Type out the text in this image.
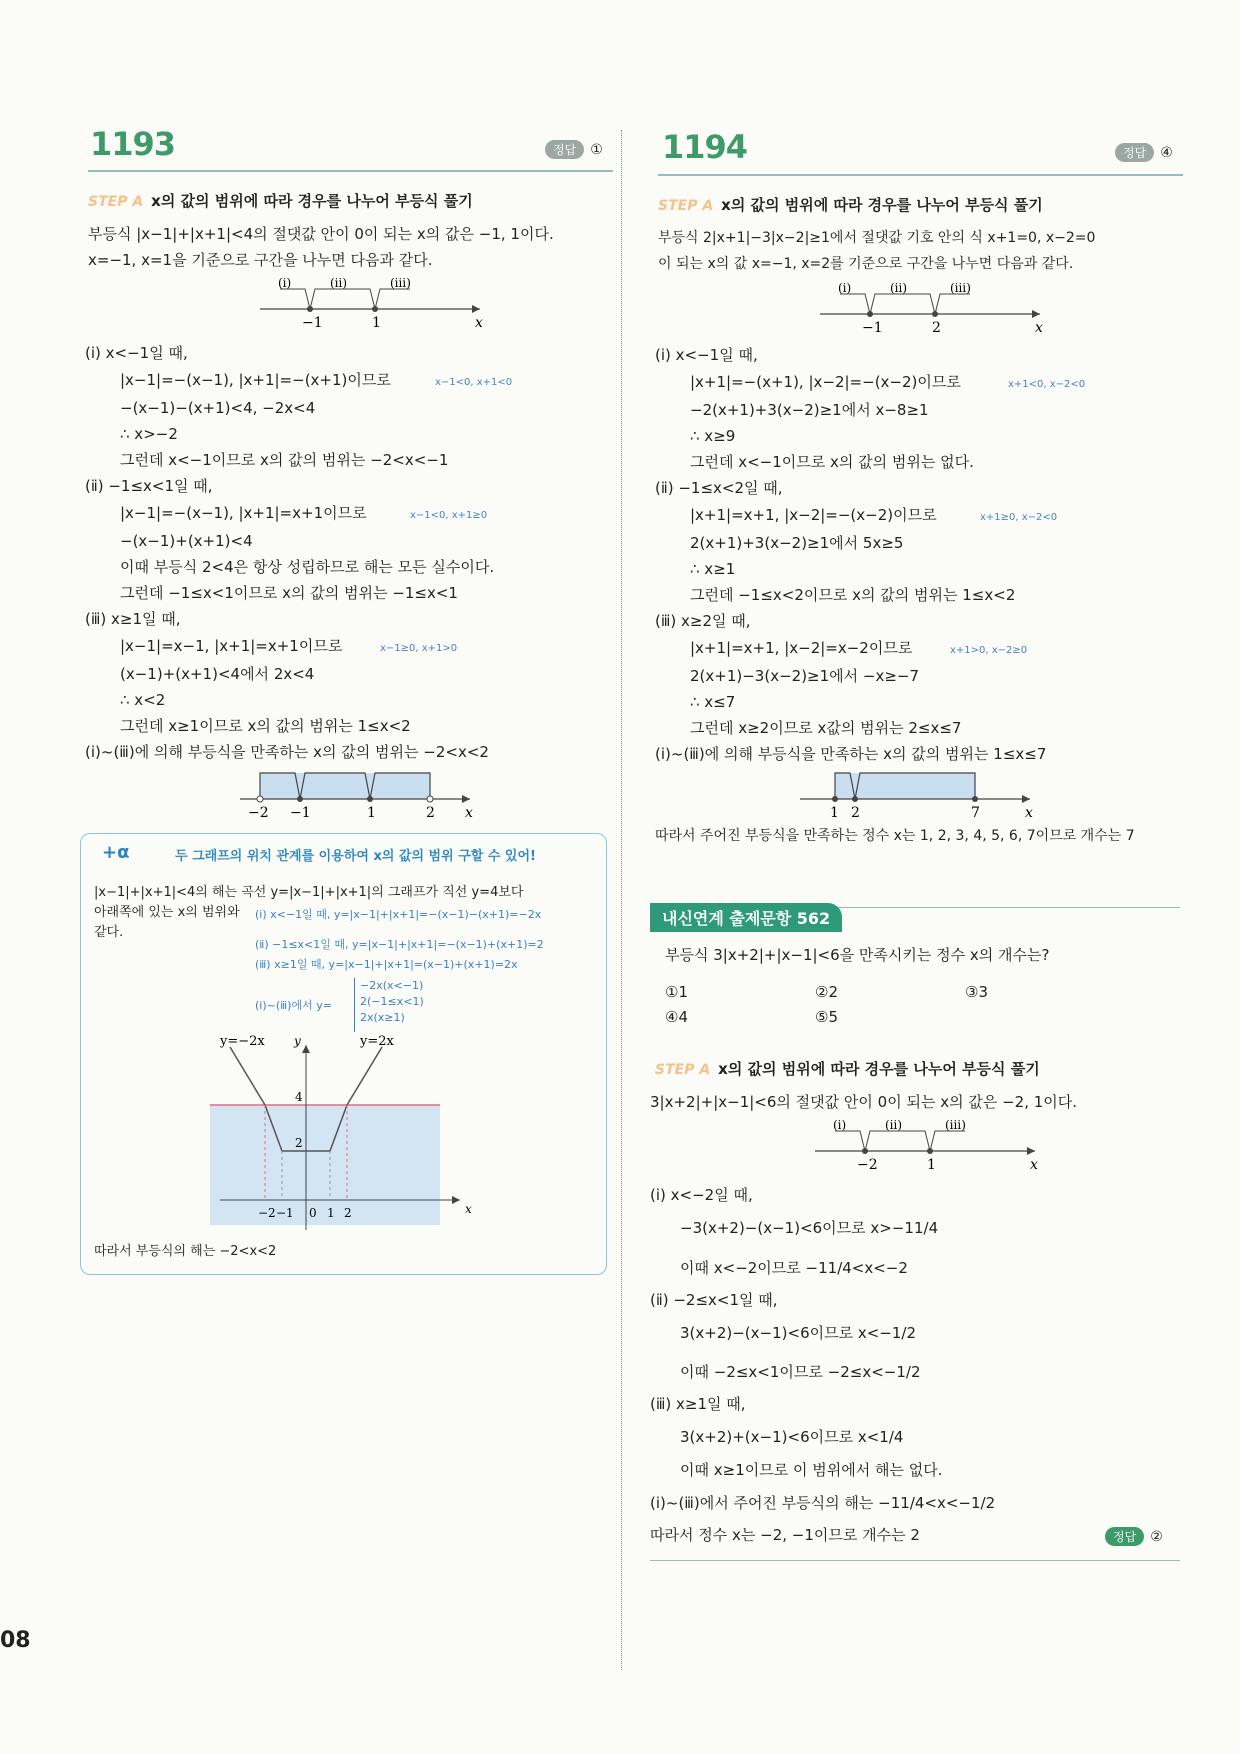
08
1193	정답	①
STEP A x의 값의 범위에 따라 경우를 나누어 부등식 풀기
부등식 |x−1|+|x+1|<4의 절댓값 안이 0이 되는 x의 값은 −1, 1이다.
x=−1, x=1을 기준으로 구간을 나누면 다음과 같다.
(ⅰ)	(ⅱ)	(ⅲ)
−1	1	x
(ⅰ) x<−1일 때,
|x−1|=−(x−1), |x+1|=−(x+1)이므로	x−1<0, x+1<0
−(x−1)−(x+1)<4, −2x<4
∴ x>−2
그런데 x<−1이므로 x의 값의 범위는 −2<x<−1
(ⅱ) −1≤x<1일 때,
|x−1|=−(x−1), |x+1|=x+1이므로	x−1<0, x+1≥0
−(x−1)+(x+1)<4
이때 부등식 2<4은 항상 성립하므로 해는 모든 실수이다.
그런데 −1≤x<1이므로 x의 값의 범위는 −1≤x<1
(ⅲ) x≥1일 때,
|x−1|=x−1, |x+1|=x+1이므로	x−1≥0, x+1>0
(x−1)+(x+1)<4에서 2x<4
∴ x<2
그런데 x≥1이므로 x의 값의 범위는 1≤x<2
(ⅰ)~(ⅲ)에 의해 부등식을 만족하는 x의 값의 범위는 −2<x<2
−2 −1	1	2 x
+α	두 그래프의 위치 관계를 이용하여 x의 값의 범위 구할 수 있어!
|x−1|+|x+1|<4의 해는 곡선 y=|x−1|+|x+1|의 그래프가 직선 y=4보다
아래쪽에 있는 x의 범위와
같다.
(ⅰ) x<−1일 때, y=|x−1|+|x+1|=−(x−1)−(x+1)=−2x
(ⅱ) −1≤x<1일 때, y=|x−1|+|x+1|=−(x−1)+(x+1)=2
(ⅲ) x≥1일 때, y=|x−1|+|x+1|=(x−1)+(x+1)=2x
(ⅰ)~(ⅲ)에서 y=
−2x(x<−1)
2(−1≤x<1)
2x(x≥1)
y=−2x	y=2x
y
x
4
2
−2 −1 0 1 2
따라서 부등식의 해는 −2<x<2
1194	정답	④
STEP A x의 값의 범위에 따라 경우를 나누어 부등식 풀기
부등식 2|x+1|−3|x−2|≥1에서 절댓값 기호 안의 식 x+1=0, x−2=0
이 되는 x의 값 x=−1, x=2를 기준으로 구간을 나누면 다음과 같다.
(ⅰ)	(ⅱ)	(ⅲ)
−1	2	x
(ⅰ) x<−1일 때,
|x+1|=−(x+1), |x−2|=−(x−2)이므로	x+1<0, x−2<0
−2(x+1)+3(x−2)≥1에서 x−8≥1
∴ x≥9
그런데 x<−1이므로 x의 값의 범위는 없다.
(ⅱ) −1≤x<2일 때,
|x+1|=x+1, |x−2|=−(x−2)이므로	x+1≥0, x−2<0
2(x+1)+3(x−2)≥1에서 5x≥5
∴ x≥1
그런데 −1≤x<2이므로 x의 값의 범위는 1≤x<2
(ⅲ) x≥2일 때,
|x+1|=x+1, |x−2|=x−2이므로	x+1>0, x−2≥0
2(x+1)−3(x−2)≥1에서 −x≥−7
∴ x≤7
그런데 x≥2이므로 x값의 범위는 2≤x≤7
(ⅰ)~(ⅲ)에 의해 부등식을 만족하는 x의 값의 범위는 1≤x≤7
1 2	7	x
따라서 주어진 부등식을 만족하는 정수 x는 1, 2, 3, 4, 5, 6, 7이므로 개수는 7
내신연계 출제문항 562
부등식 3|x+2|+|x−1|<6을 만족시키는 정수 x의 개수는?
①1	②2	③3
④4	⑤5
STEP A x의 값의 범위에 따라 경우를 나누어 부등식 풀기
3|x+2|+|x−1|<6의 절댓값 안이 0이 되는 x의 값은 −2, 1이다.
(ⅰ)	(ⅱ)	(ⅲ)
−2	1	x
(ⅰ) x<−2일 때,
−3(x+2)−(x−1)<6이므로 x>−11/4
이때 x<−2이므로 −11/4<x<−2
(ⅱ) −2≤x<1일 때,
3(x+2)−(x−1)<6이므로 x<−1/2
이때 −2≤x<1이므로 −2≤x<−1/2
(ⅲ) x≥1일 때,
3(x+2)+(x−1)<6이므로 x<1/4
이때 x≥1이므로 이 범위에서 해는 없다.
(ⅰ)~(ⅲ)에서 주어진 부등식의 해는 −11/4<x<−1/2
따라서 정수 x는 −2, −1이므로 개수는 2	정답	②
